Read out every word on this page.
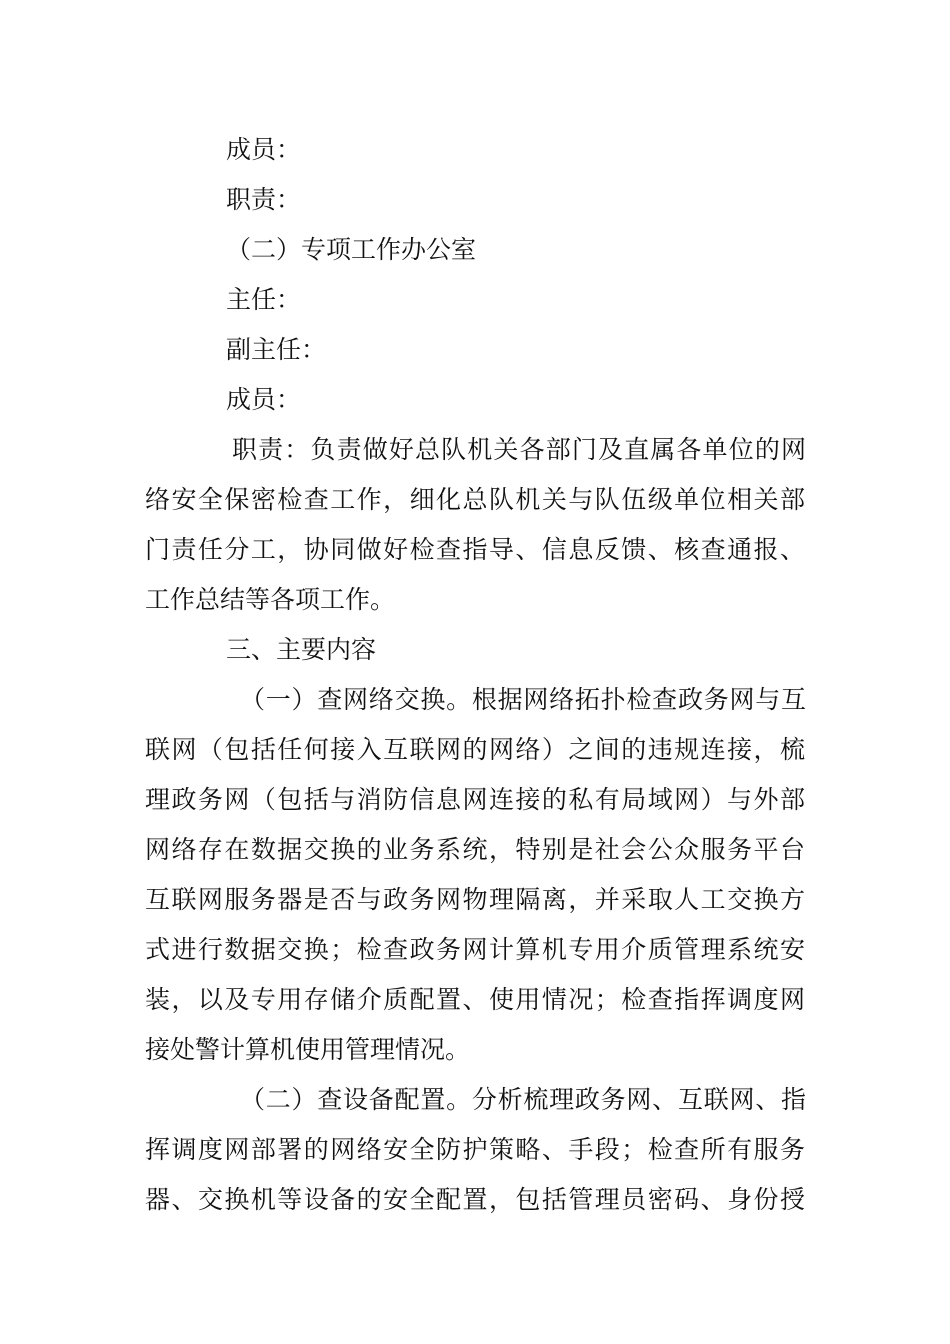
成员：
职责：
（二）专项工作办公室
主任：
副主任：
成员：
职责：负责做好总队机关各部门及直属各单位的网
络安全保密检查工作，细化总队机关与队伍级单位相关部
门责任分工，协同做好检查指导、信息反馈、核查通报、
工作总结等各项工作。
三、主要内容
（一）查网络交换。根据网络拓扑检查政务网与互
联网（包括任何接入互联网的网络）之间的违规连接，梳
理政务网（包括与消防信息网连接的私有局域网）与外部
网络存在数据交换的业务系统，特别是社会公众服务平台
互联网服务器是否与政务网物理隔离，并采取人工交换方
式进行数据交换；检查政务网计算机专用介质管理系统安
装，以及专用存储介质配置、使用情况；检查指挥调度网
接处警计算机使用管理情况。
（二）查设备配置。分析梳理政务网、互联网、指
挥调度网部署的网络安全防护策略、手段；检查所有服务
器、交换机等设备的安全配置，包括管理员密码、身份授
